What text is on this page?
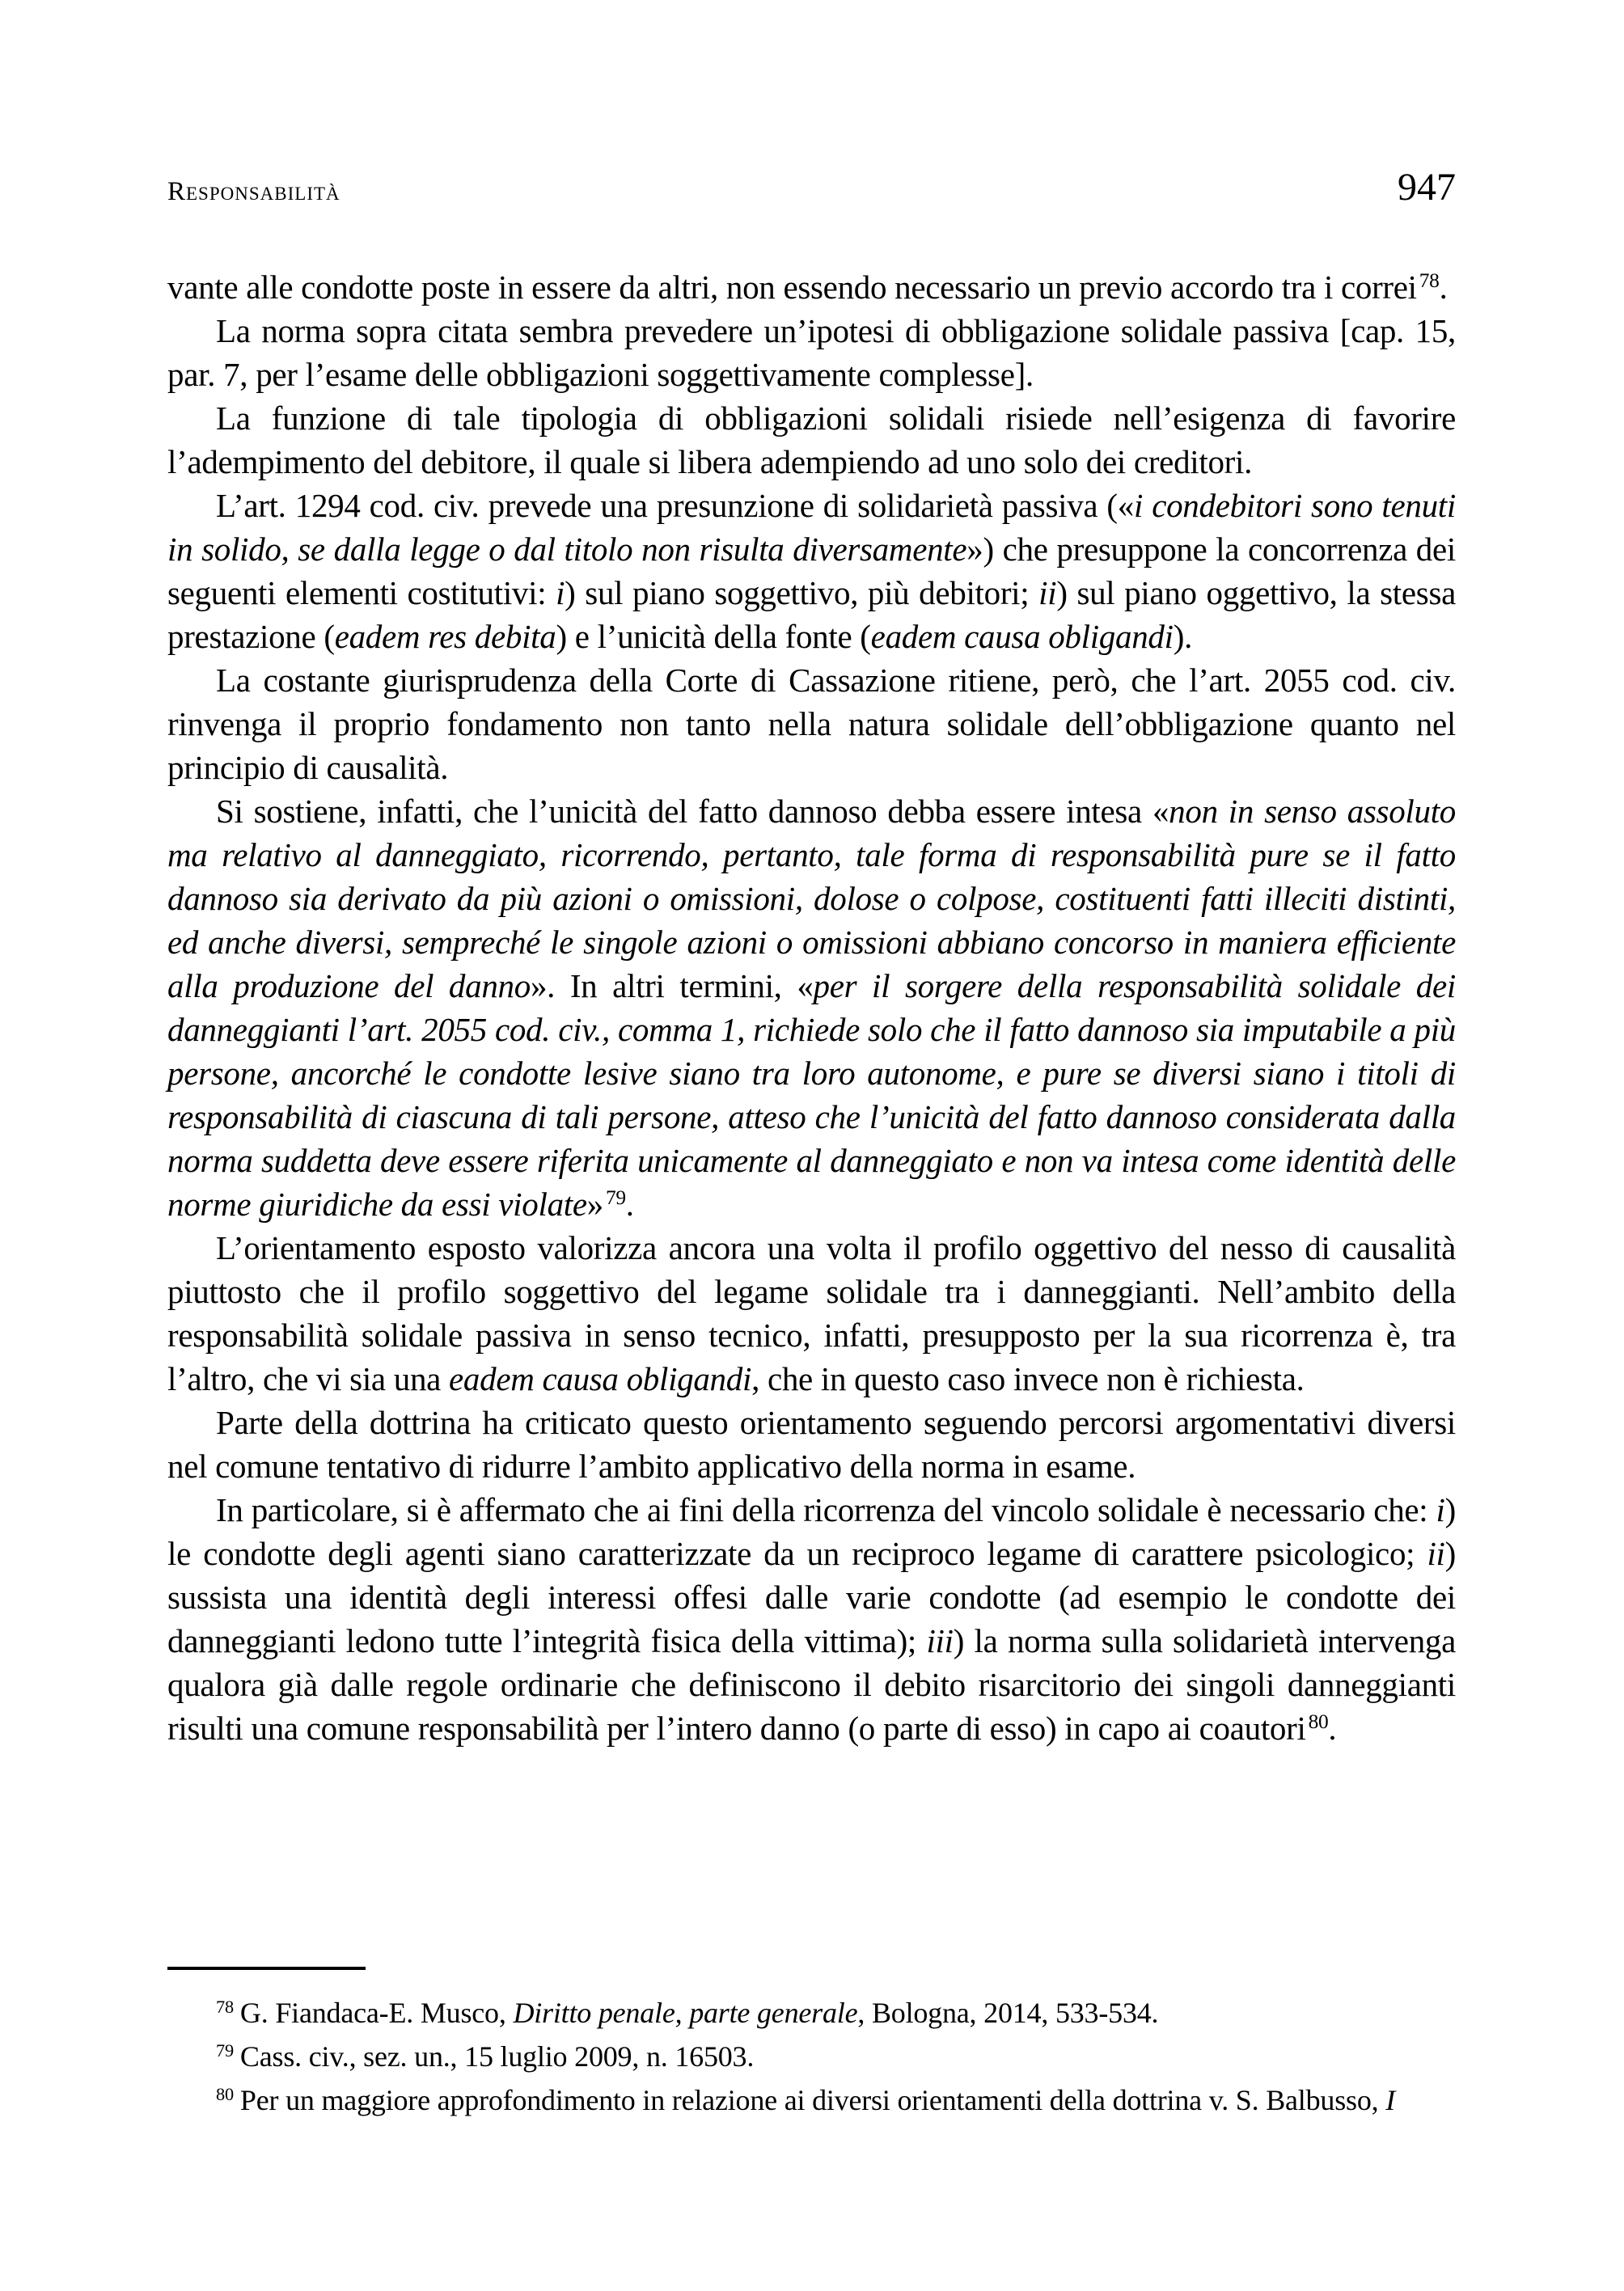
Responsabilità	947

vante alle condotte poste in essere da altri, non essendo necessario un previo accordo tra i correi $^{78}$.

La norma sopra citata sembra prevedere un’ipotesi di obbligazione solidale passiva [cap. 15, par. 7, per l’esame delle obbligazioni soggettivamente complesse].

La funzione di tale tipologia di obbligazioni solidali risiede nell’esigenza di favorire l’adempimento del debitore, il quale si libera adempiendo ad uno solo dei creditori.

L’art. 1294 cod. civ. prevede una presunzione di solidarietà passiva («i condebitori sono tenuti in solido, se dalla legge o dal titolo non risulta diversamente») che presuppone la concorrenza dei seguenti elementi costitutivi: i) sul piano soggettivo, più debitori; ii) sul piano oggettivo, la stessa prestazione (eadem res debita) e l’unicità della fonte (eadem causa obligandi).

La costante giurisprudenza della Corte di Cassazione ritiene, però, che l’art. 2055 cod. civ. rinvenga il proprio fondamento non tanto nella natura solidale dell’obbligazione quanto nel principio di causalità.

Si sostiene, infatti, che l’unicità del fatto dannoso debba essere intesa «non in senso assoluto ma relativo al danneggiato, ricorrendo, pertanto, tale forma di responsabilità pure se il fatto dannoso sia derivato da più azioni o omissioni, dolose o colpose, costituenti fatti illeciti distinti, ed anche diversi, sempreché le singole azioni o omissioni abbiano concorso in maniera efficiente alla produzione del danno». In altri termini, «per il sorgere della responsabilità solidale dei danneggianti l’art. 2055 cod. civ., comma 1, richiede solo che il fatto dannoso sia imputabile a più persone, ancorché le condotte lesive siano tra loro autonome, e pure se diversi siano i titoli di responsabilità di ciascuna di tali persone, atteso che l’unicità del fatto dannoso considerata dalla norma suddetta deve essere riferita unicamente al danneggiato e non va intesa come identità delle norme giuridiche da essi violate» $^{79}$.

L’orientamento esposto valorizza ancora una volta il profilo oggettivo del nesso di causalità piuttosto che il profilo soggettivo del legame solidale tra i danneggianti. Nell’ambito della responsabilità solidale passiva in senso tecnico, infatti, presupposto per la sua ricorrenza è, tra l’altro, che vi sia una eadem causa obligandi, che in questo caso invece non è richiesta.

Parte della dottrina ha criticato questo orientamento seguendo percorsi argomentativi diversi nel comune tentativo di ridurre l’ambito applicativo della norma in esame.

In particolare, si è affermato che ai fini della ricorrenza del vincolo solidale è necessario che: i) le condotte degli agenti siano caratterizzate da un reciproco legame di carattere psicologico; ii) sussista una identità degli interessi offesi dalle varie condotte (ad esempio le condotte dei danneggianti ledono tutte l’integrità fisica della vittima); iii) la norma sulla solidarietà intervenga qualora già dalle regole ordinarie che definiscono il debito risarcitorio dei singoli danneggianti risulti una comune responsabilità per l’intero danno (o parte di esso) in capo ai coautori $^{80}$.

$^{78}$ G. Fiandaca-E. Musco, Diritto penale, parte generale, Bologna, 2014, 533-534.

$^{79}$ Cass. civ., sez. un., 15 luglio 2009, n. 16503.

$^{80}$ Per un maggiore approfondimento in relazione ai diversi orientamenti della dottrina v. S. Balbusso, I
